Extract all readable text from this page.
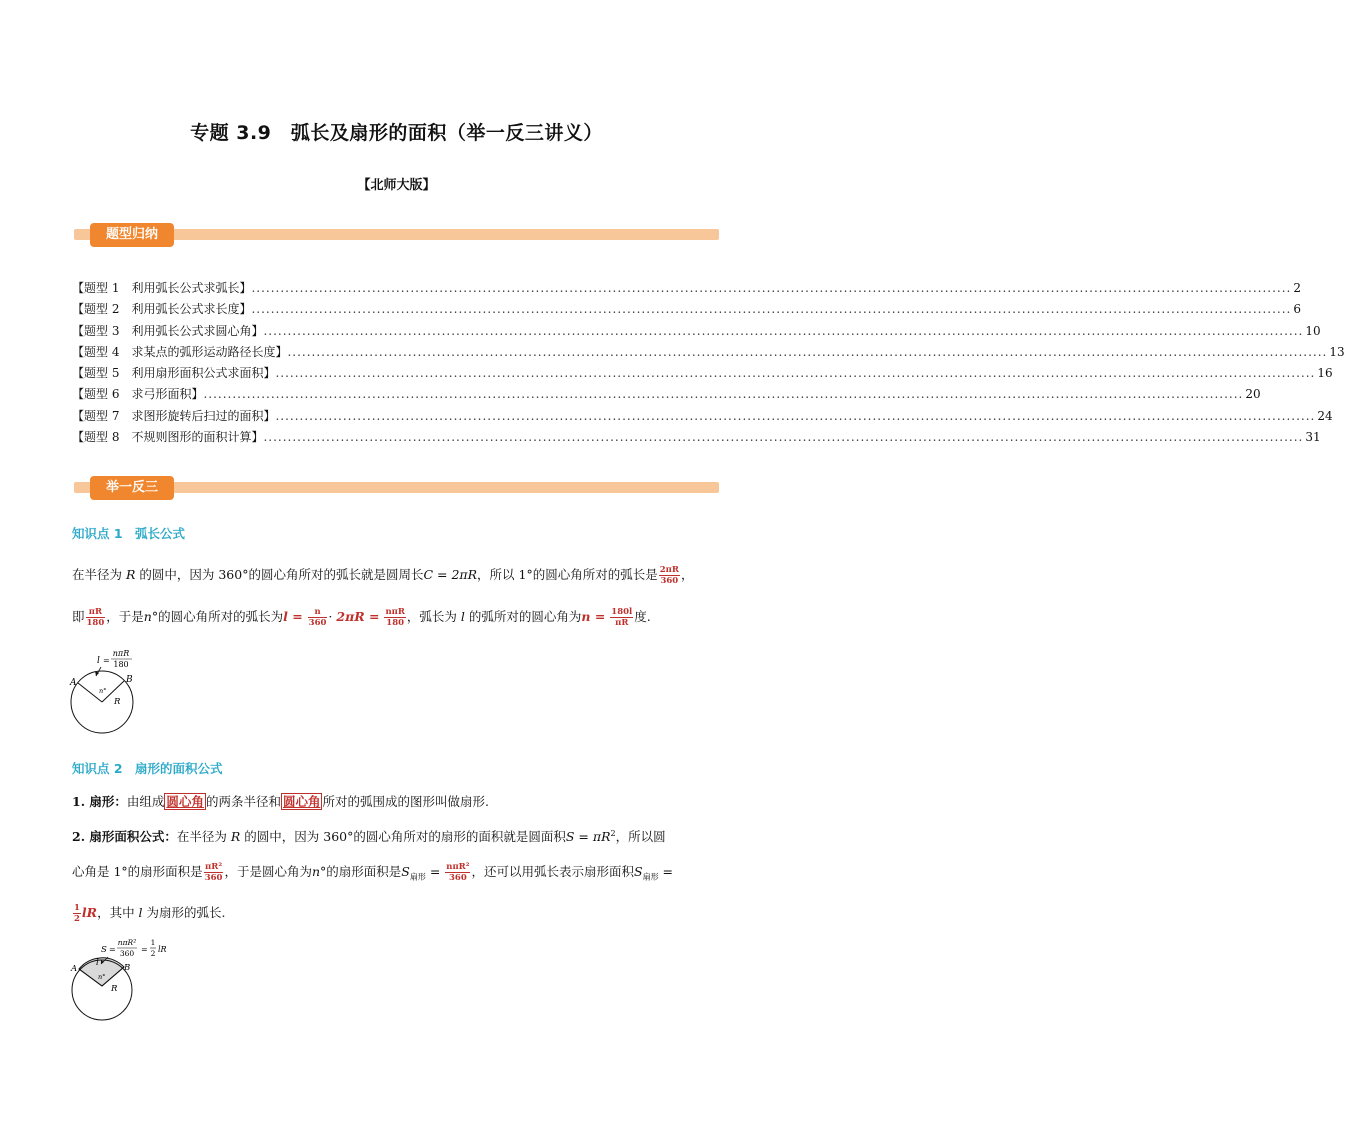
专题 3.9　弧长及扇形的面积（举一反三讲义）
【北师大版】
题型归纳
【题型 1　利用弧长公式求弧长】 ........................................................................................................................................................................................................................ 2
【题型 2　利用弧长公式求长度】 ........................................................................................................................................................................................................................ 6
【题型 3　利用弧长公式求圆心角】 ........................................................................................................................................................................................................................ 10
【题型 4　求某点的弧形运动路径长度】 ........................................................................................................................................................................................................................ 13
【题型 5　利用扇形面积公式求面积】 ........................................................................................................................................................................................................................ 16
【题型 6　求弓形面积】 ........................................................................................................................................................................................................................ 20
【题型 7　求图形旋转后扫过的面积】 ........................................................................................................................................................................................................................ 24
【题型 8　不规则图形的面积计算】 ........................................................................................................................................................................................................................ 31
举一反三
知识点 1　弧长公式
在半径为 R 的圆中，因为 360°的圆心角所对的弧长就是圆周长C = 2πR，所以 1°的圆心角所对的弧长是 $\frac{2\pi R}{360}$ ，
即 $\frac{\pi R}{180}$ ，于是n°的圆心角所对的弧长为$l = \frac{n}{360} \cdot 2\pi R = \frac{\text{nπR}}{180}$ ，弧长为 l 的弧所对的圆心角为$n = \frac{180l}{\pi R}$ 度.
l =
nπR
180
A	B
n°
R
知识点 2　扇形的面积公式
1. 扇形：由组成 圆心角 的两条半径和 圆心角 所对的弧围成的图形叫做扇形.
2. 扇形面积公式：在半径为 R 的圆中，因为 360°的圆心角所对的扇形的面积就是圆面积$S = \pi R^2$，所以圆
心角是 1°的扇形面积是 $\frac{\text{πR²}}{360}$ ，于是圆心角为n°的扇形面积是$S_{扇形} = \frac{\text{nπR²}}{360}$ ，还可以用弧长表示扇形面积$S_{扇形}$ =
$\frac{1}{2}$ lR，其中 l 为扇形的弧长.
S =
nπR²
360 =
1
2 lR
l
A	B
n°
R
